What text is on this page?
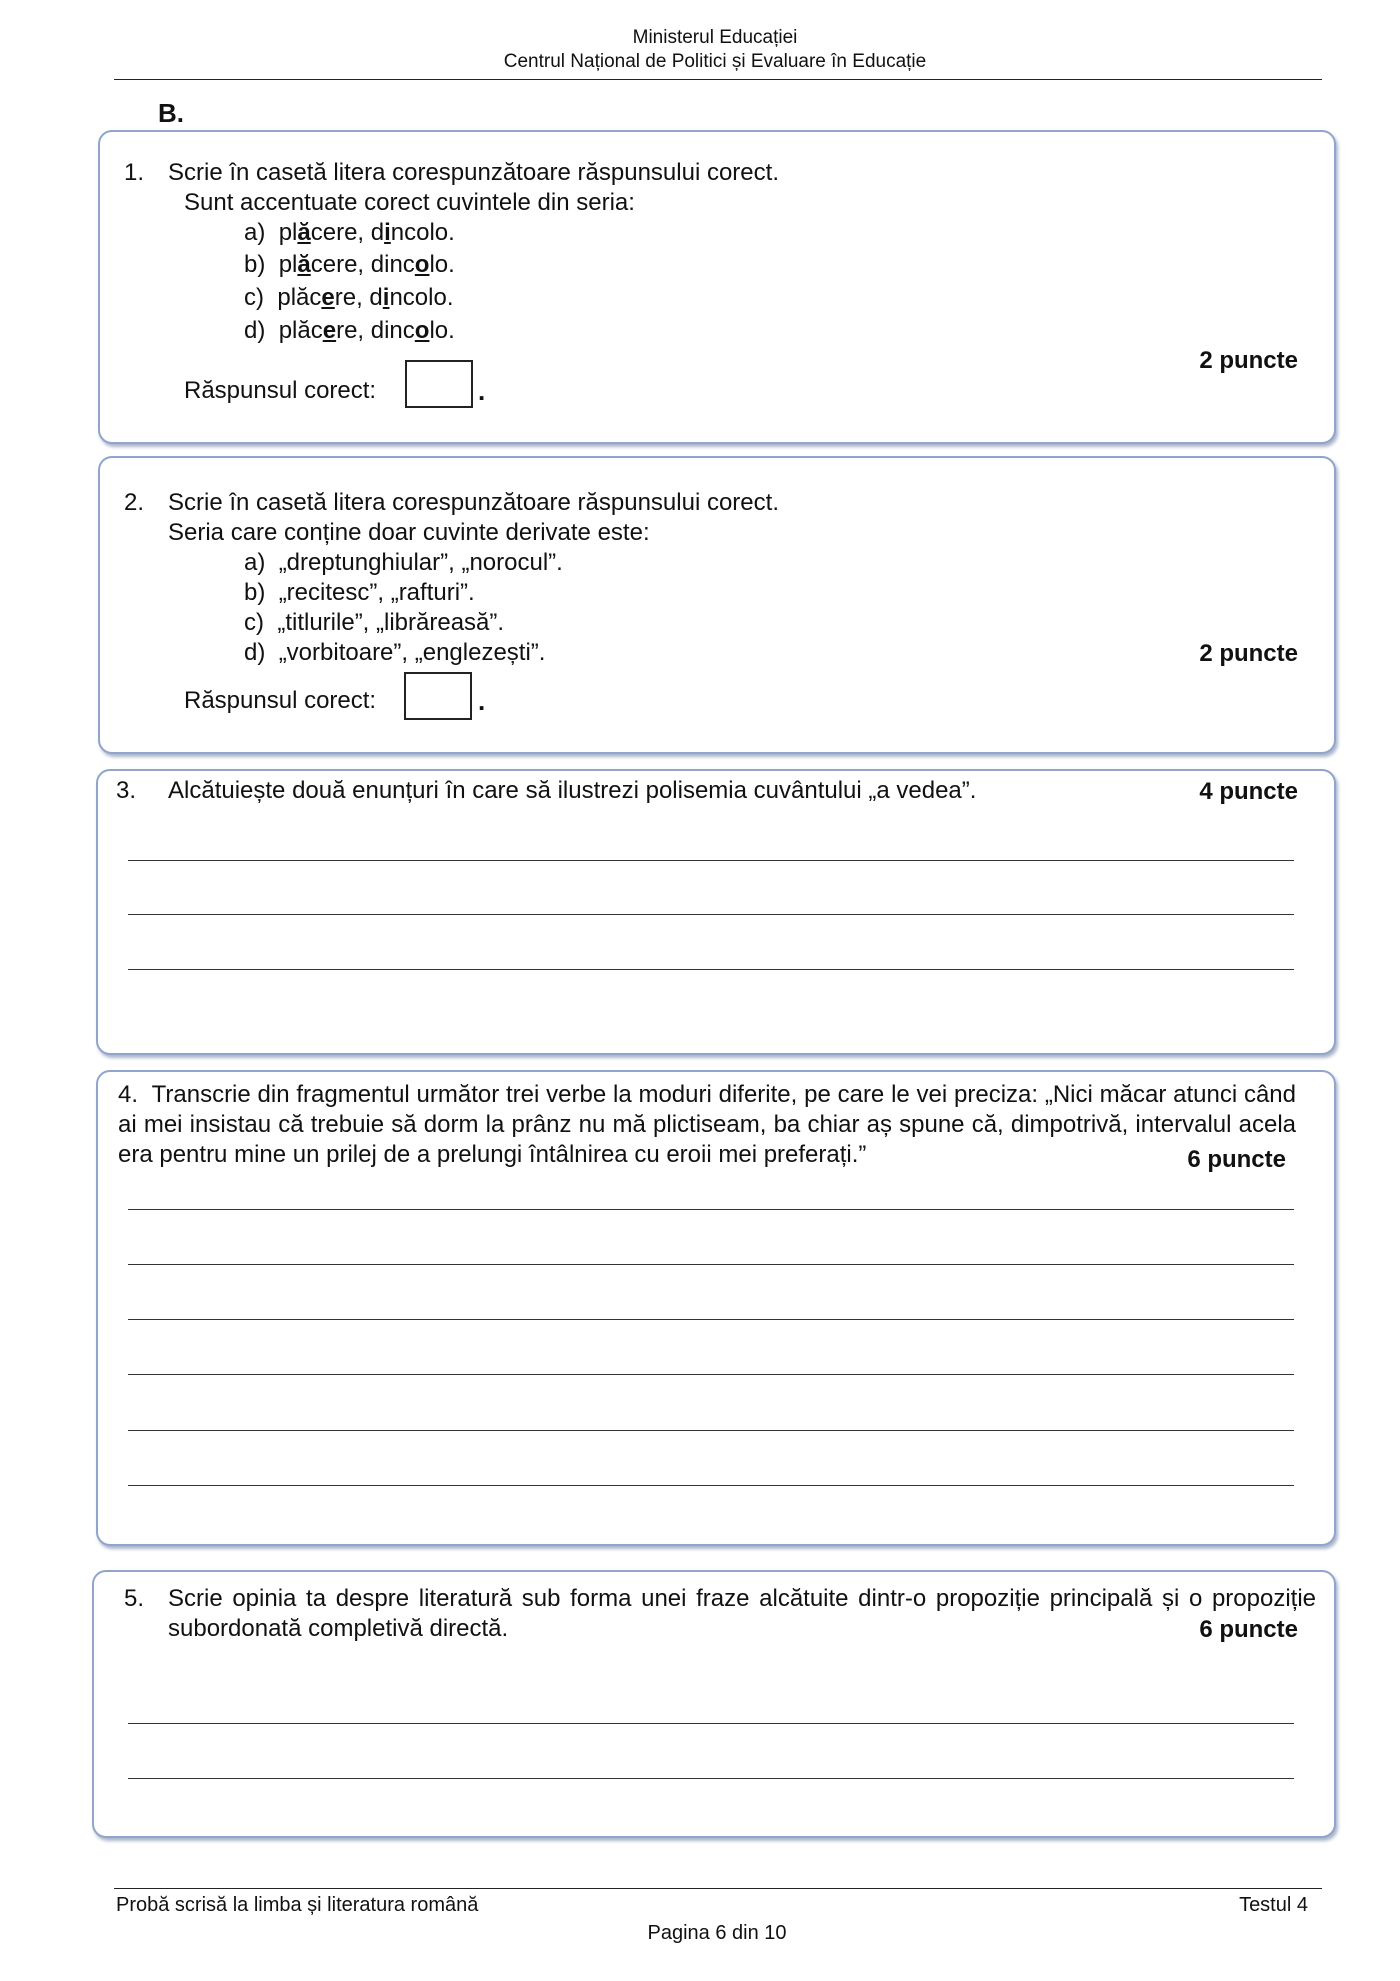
Ministerul Educației
Centrul Național de Politici și Evaluare în Educație
B.
1. Scrie în casetă litera corespunzătoare răspunsului corect.
Sunt accentuate corect cuvintele din seria:
a) plăcere, dincolo.
b) plăcere, dincolo.
c) plăcere, dincolo.
d) plăcere, dincolo.
2 puncte
Răspunsul corect:	.
2. Scrie în casetă litera corespunzătoare răspunsului corect.
Seria care conține doar cuvinte derivate este:
a) „dreptunghiular”, „norocul”.
b) „recitesc”, „rafturi”.
c) „titlurile”, „librăreasă”.
d) „vorbitoare”, „englezești”.	2 puncte
Răspunsul corect:	.
3. Alcătuiește două enunțuri în care să ilustrezi polisemia cuvântului „a vedea”.	4 puncte
4. Transcrie din fragmentul următor trei verbe la moduri diferite, pe care le vei preciza: „Nici măcar atunci când ai mei insistau că trebuie să dorm la prânz nu mă plictiseam, ba chiar aș spune că, dimpotrivă, intervalul acela era pentru mine un prilej de a prelungi întâlnirea cu eroii mei preferați.”	6 puncte
5. Scrie opinia ta despre literatură sub forma unei fraze alcătuite dintr-o propoziție principală și o propoziție subordonată completivă directă.	6 puncte
Probă scrisă la limba și literatura română	Testul 4
Pagina 6 din 10
